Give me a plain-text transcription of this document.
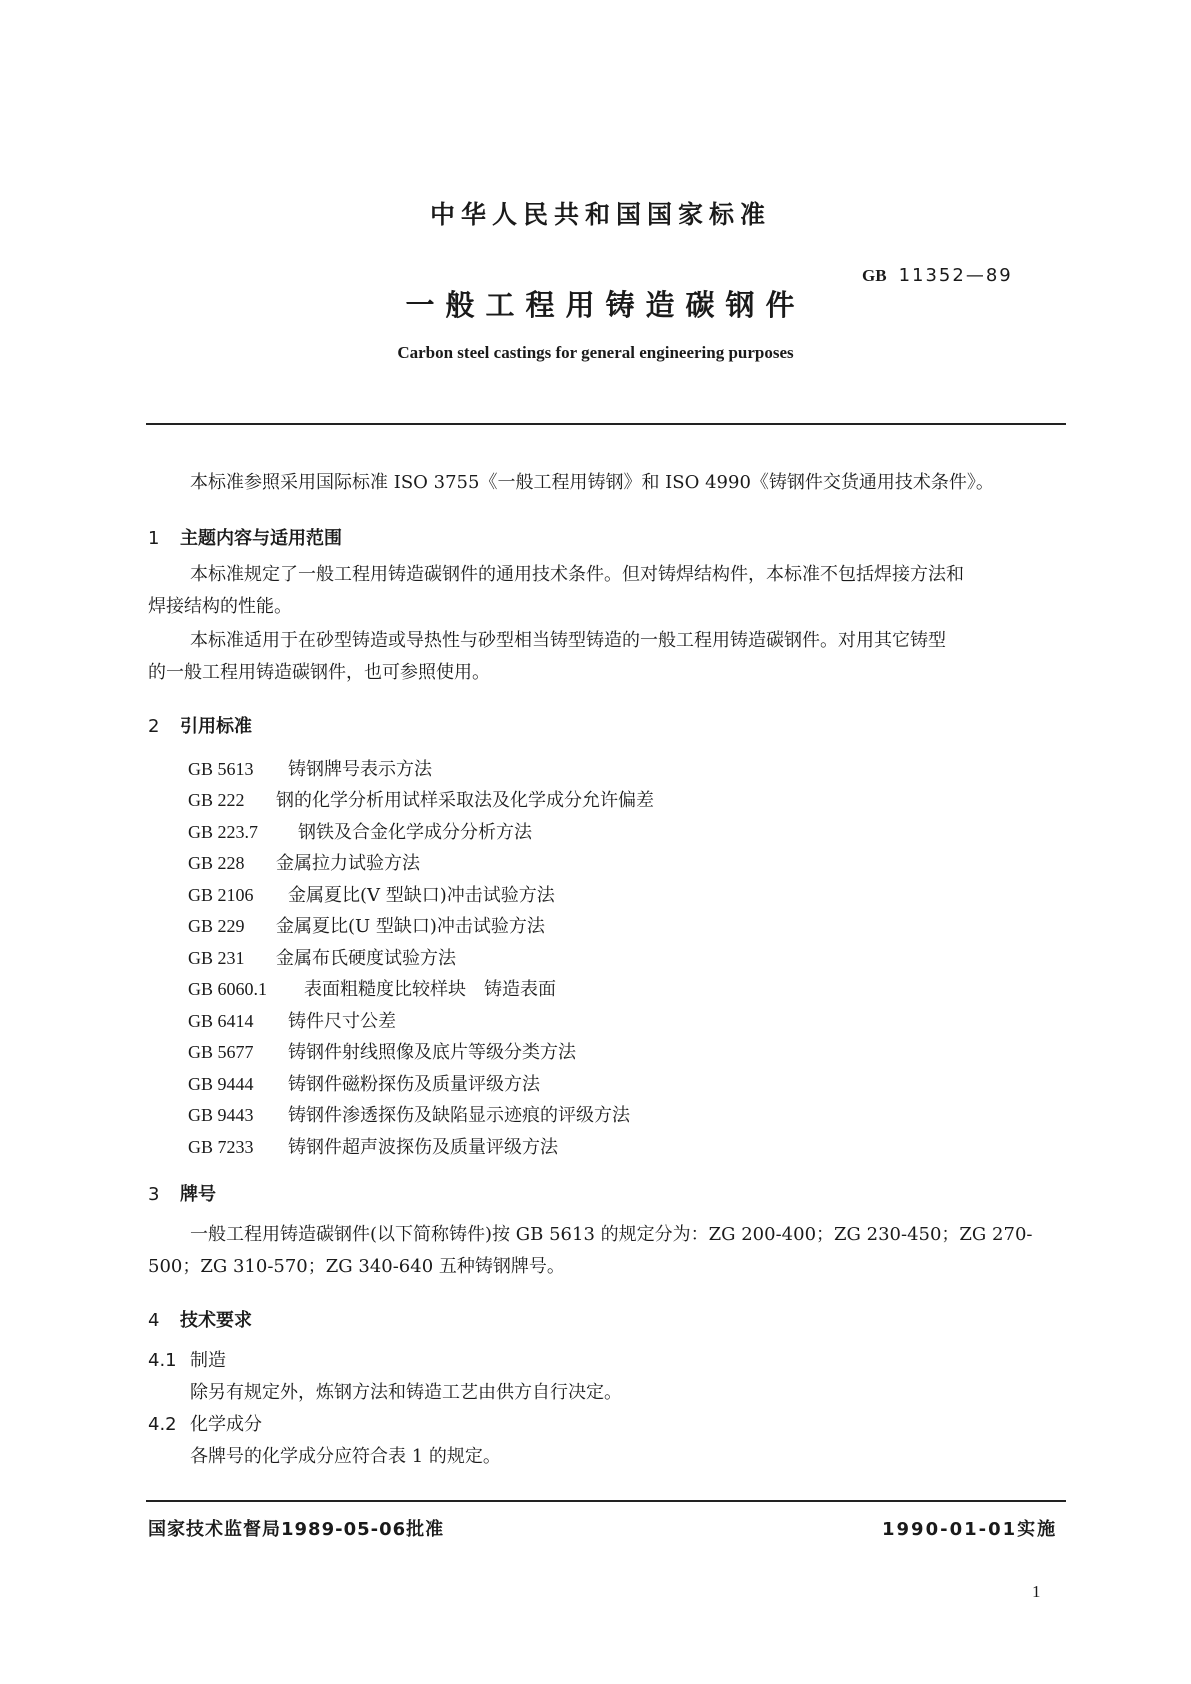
中华人民共和国国家标准
GB 11352—89
一般工程用铸造碳钢件
Carbon steel castings for general engineering purposes
本标准参照采用国际标准 ISO 3755《一般工程用铸钢》和 ISO 4990《铸钢件交货通用技术条件》。
1 主题内容与适用范围
本标准规定了一般工程用铸造碳钢件的通用技术条件。但对铸焊结构件，本标准不包括焊接方法和
焊接结构的性能。
本标准适用于在砂型铸造或导热性与砂型相当铸型铸造的一般工程用铸造碳钢件。对用其它铸型
的一般工程用铸造碳钢件，也可参照使用。
2 引用标准
GB 5613 铸钢牌号表示方法
GB 222 钢的化学分析用试样采取法及化学成分允许偏差
GB 223.7 钢铁及合金化学成分分析方法
GB 228 金属拉力试验方法
GB 2106 金属夏比(V 型缺口)冲击试验方法
GB 229 金属夏比(U 型缺口)冲击试验方法
GB 231 金属布氏硬度试验方法
GB 6060.1 表面粗糙度比较样块　铸造表面
GB 6414 铸件尺寸公差
GB 5677 铸钢件射线照像及底片等级分类方法
GB 9444 铸钢件磁粉探伤及质量评级方法
GB 9443 铸钢件渗透探伤及缺陷显示迹痕的评级方法
GB 7233 铸钢件超声波探伤及质量评级方法
3 牌号
一般工程用铸造碳钢件(以下简称铸件)按 GB 5613 的规定分为：ZG 200-400；ZG 230-450；ZG 270-
500；ZG 310-570；ZG 340-640 五种铸钢牌号。
4 技术要求
4.1 制造
除另有规定外，炼钢方法和铸造工艺由供方自行决定。
4.2 化学成分
各牌号的化学成分应符合表 1 的规定。
国家技术监督局1989-05-06批准	1990-01-01实施
1
